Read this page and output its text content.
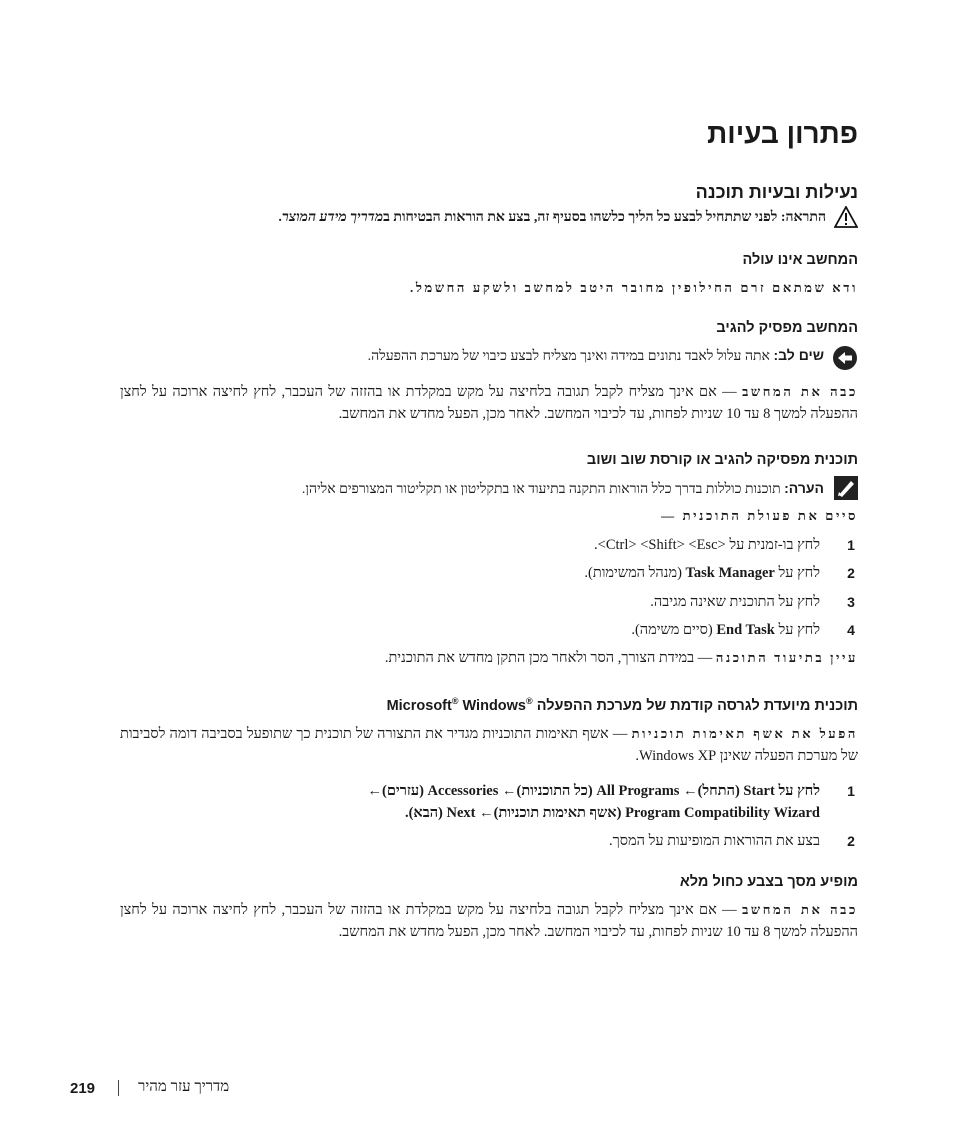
פתרון בעיות
נעילות ובעיות תוכנה
התראה: לפני שתתחיל לבצע כל הליך כלשהו בסעיף זה, בצע את הוראות הבטיחות במדריך מידע המוצר.
המחשב אינו עולה
ודא שמתאם זרם החילופין מחובר היטב למחשב ולשקע החשמל.
המחשב מפסיק להגיב
שים לב: אתה עלול לאבד נתונים במידה ואינך מצליח לבצע כיבוי של מערכת ההפעלה.
כבה את המחשב — אם אינך מצליח לקבל תגובה בלחיצה על מקש במקלדת או בהזזה של העכבר, לחץ לחיצה ארוכה על לחצן ההפעלה למשך 8 עד 10 שניות לפחות, עד לכיבוי המחשב. לאחר מכן, הפעל מחדש את המחשב.
תוכנית מפסיקה להגיב או קורסת שוב ושוב
הערה: תוכנות כוללות בדרך כלל הוראות התקנה בתיעוד או בתקליטון או תקליטור המצורפים אליהן.
סיים את פעולת התוכנית —
1
לחץ בו-זמנית על <Ctrl> <Shift> <Esc>.
2
לחץ על Task Manager (מנהל המשימות).
3
לחץ על התוכנית שאינה מגיבה.
4
לחץ על End Task (סיים משימה).
עיין בתיעוד התוכנה — במידת הצורך, הסר ולאחר מכן התקן מחדש את התוכנית.
תוכנית מיועדת לגרסה קודמת של מערכת ההפעלה Microsoft® Windows®
הפעל את אשף תאימות תוכניות — אשף תאימות התוכניות מגדיר את התצורה של תוכנית כך שתופעל בסביבה דומה לסביבות של מערכת הפעלה שאינן Windows XP.
1
לחץ על Start (התחל)← All Programs (כל התוכניות)← Accessories (עזרים)←
Program Compatibility Wizard (אשף תאימות תוכניות)← Next (הבא).
2
בצע את ההוראות המופיעות על המסך.
מופיע מסך בצבע כחול מלא
כבה את המחשב — אם אינך מצליח לקבל תגובה בלחיצה על מקש במקלדת או בהזזה של העכבר, לחץ לחיצה ארוכה על לחצן ההפעלה למשך 8 עד 10 שניות לפחות, עד לכיבוי המחשב. לאחר מכן, הפעל מחדש את המחשב.
219	מדריך עזר מהיר
